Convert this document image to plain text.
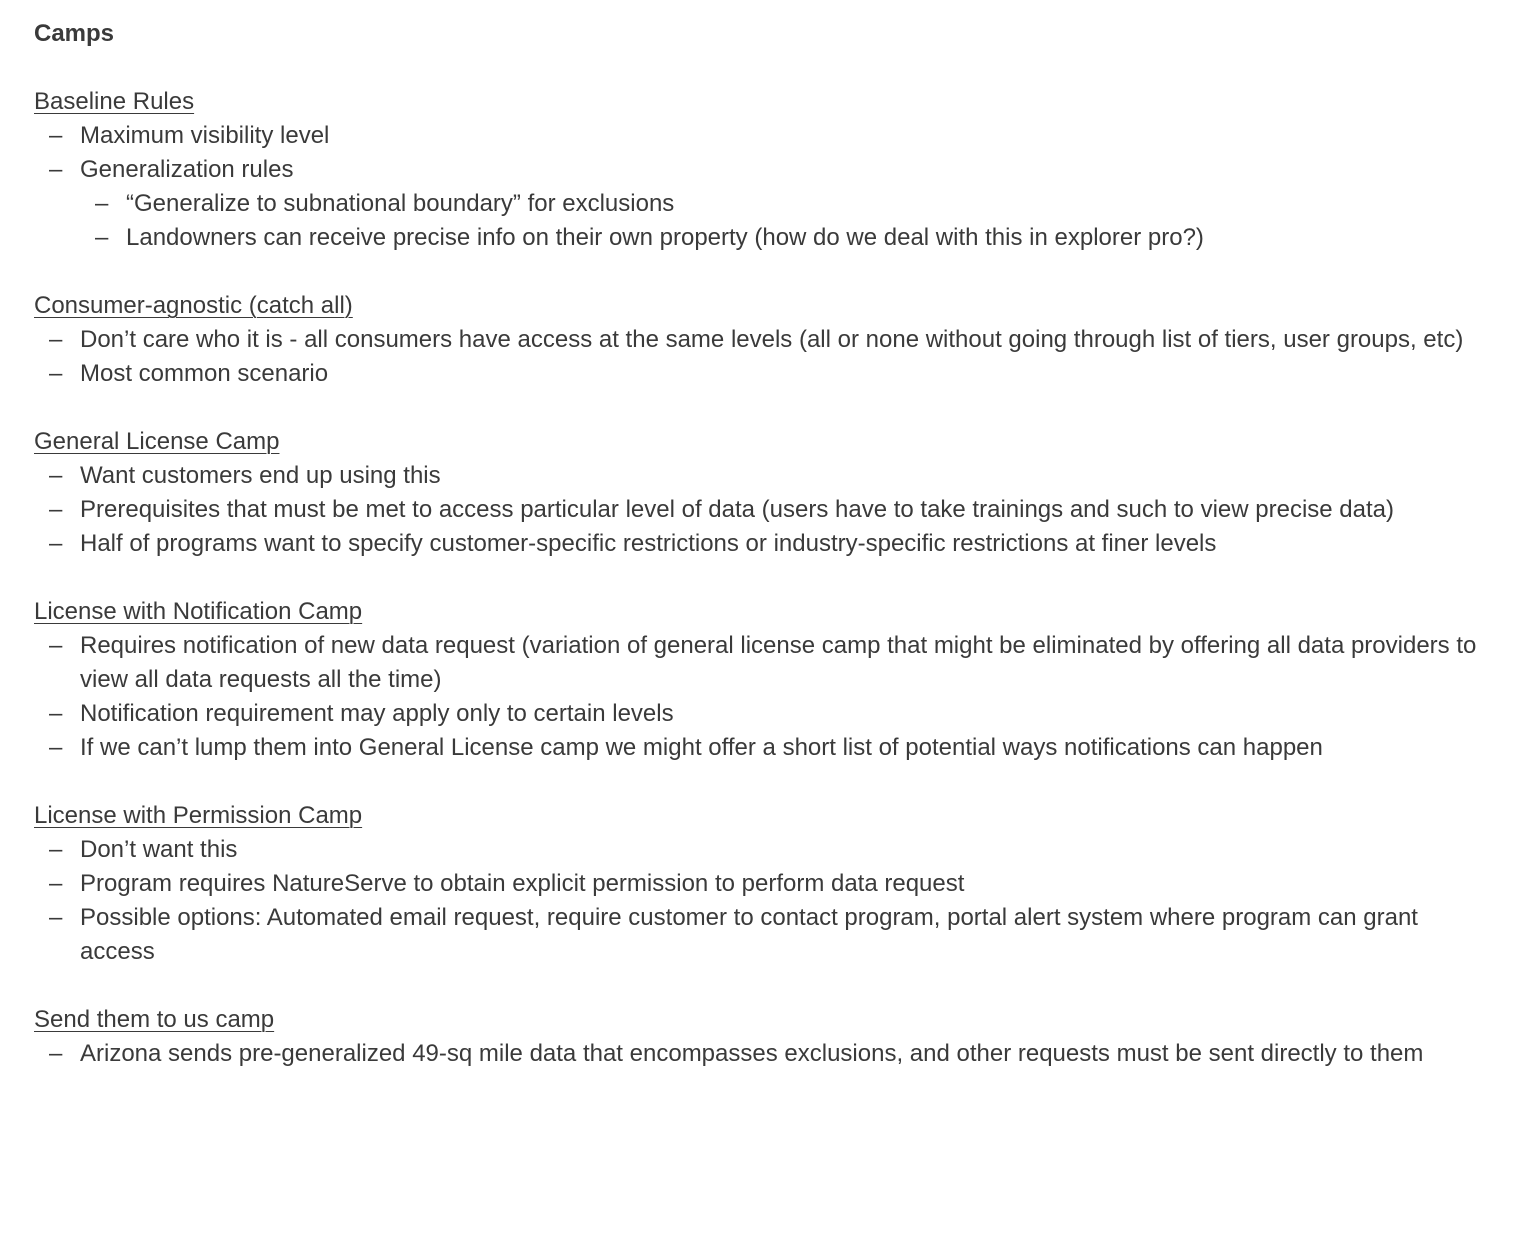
Camps
Baseline Rules
– Maximum visibility level
– Generalization rules
– “Generalize to subnational boundary” for exclusions
– Landowners can receive precise info on their own property (how do we deal with this in explorer pro?)
Consumer-agnostic (catch all)
– Don’t care who it is - all consumers have access at the same levels (all or none without going through list of tiers, user groups, etc)
– Most common scenario
General License Camp
– Want customers end up using this
– Prerequisites that must be met to access particular level of data (users have to take trainings and such to view precise data)
– Half of programs want to specify customer-specific restrictions or industry-specific restrictions at finer levels
License with Notification Camp
– Requires notification of new data request (variation of general license camp that might be eliminated by offering all data providers to view all data requests all the time)
– Notification requirement may apply only to certain levels
– If we can’t lump them into General License camp we might offer a short list of potential ways notifications can happen
License with Permission Camp
– Don’t want this
– Program requires NatureServe to obtain explicit permission to perform data request
– Possible options: Automated email request, require customer to contact program, portal alert system where program can grant access
Send them to us camp
– Arizona sends pre-generalized 49-sq mile data that encompasses exclusions, and other requests must be sent directly to them
